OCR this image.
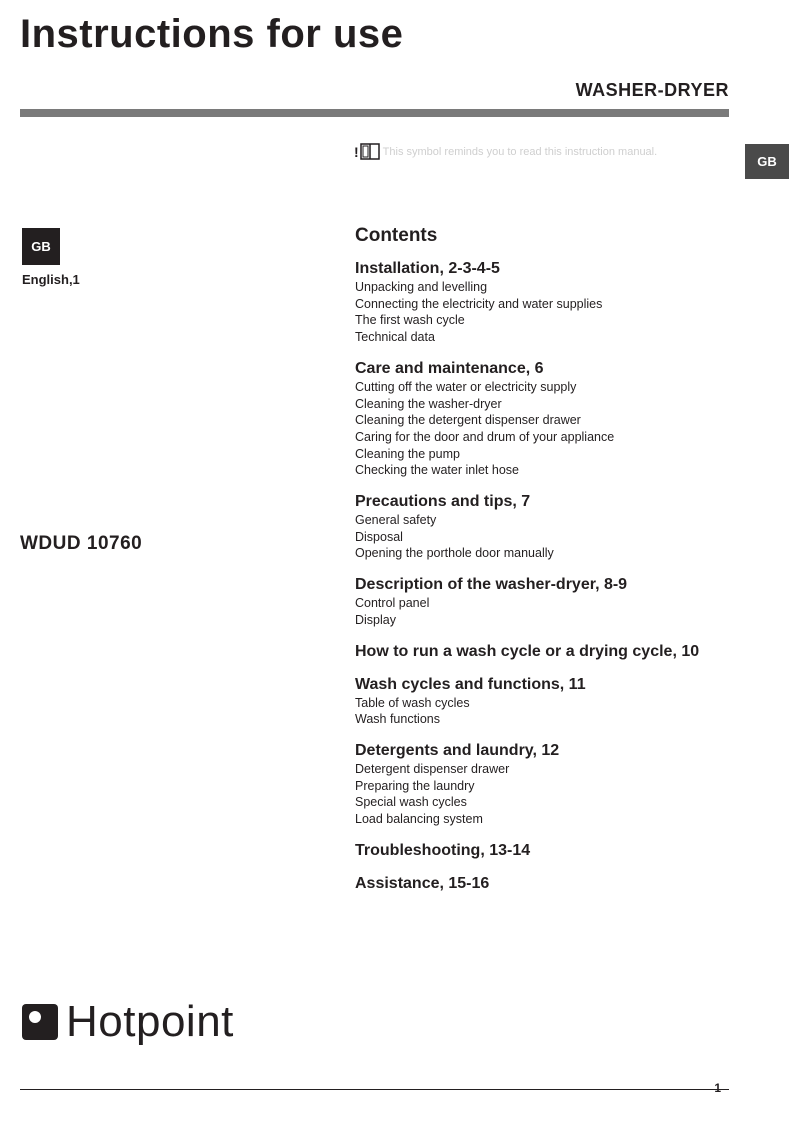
Instructions for use
WASHER-DRYER
! This symbol reminds you to read this instruction manual.
GB
GB
English,1
WDUD 10760
Contents
Installation, 2-3-4-5
Unpacking and levelling
Connecting the electricity and water supplies
The first wash cycle
Technical data
Care and maintenance, 6
Cutting off the water or electricity supply
Cleaning the washer-dryer
Cleaning the detergent dispenser drawer
Caring for the door and drum of your appliance
Cleaning the pump
Checking the water inlet hose
Precautions and tips, 7
General safety
Disposal
Opening the porthole door manually
Description of the washer-dryer, 8-9
Control panel
Display
How to run a wash cycle or a drying cycle, 10
Wash cycles and functions, 11
Table of wash cycles
Wash functions
Detergents and laundry, 12
Detergent dispenser drawer
Preparing the laundry
Special wash cycles
Load balancing system
Troubleshooting, 13-14
Assistance, 15-16
Hotpoint
1
